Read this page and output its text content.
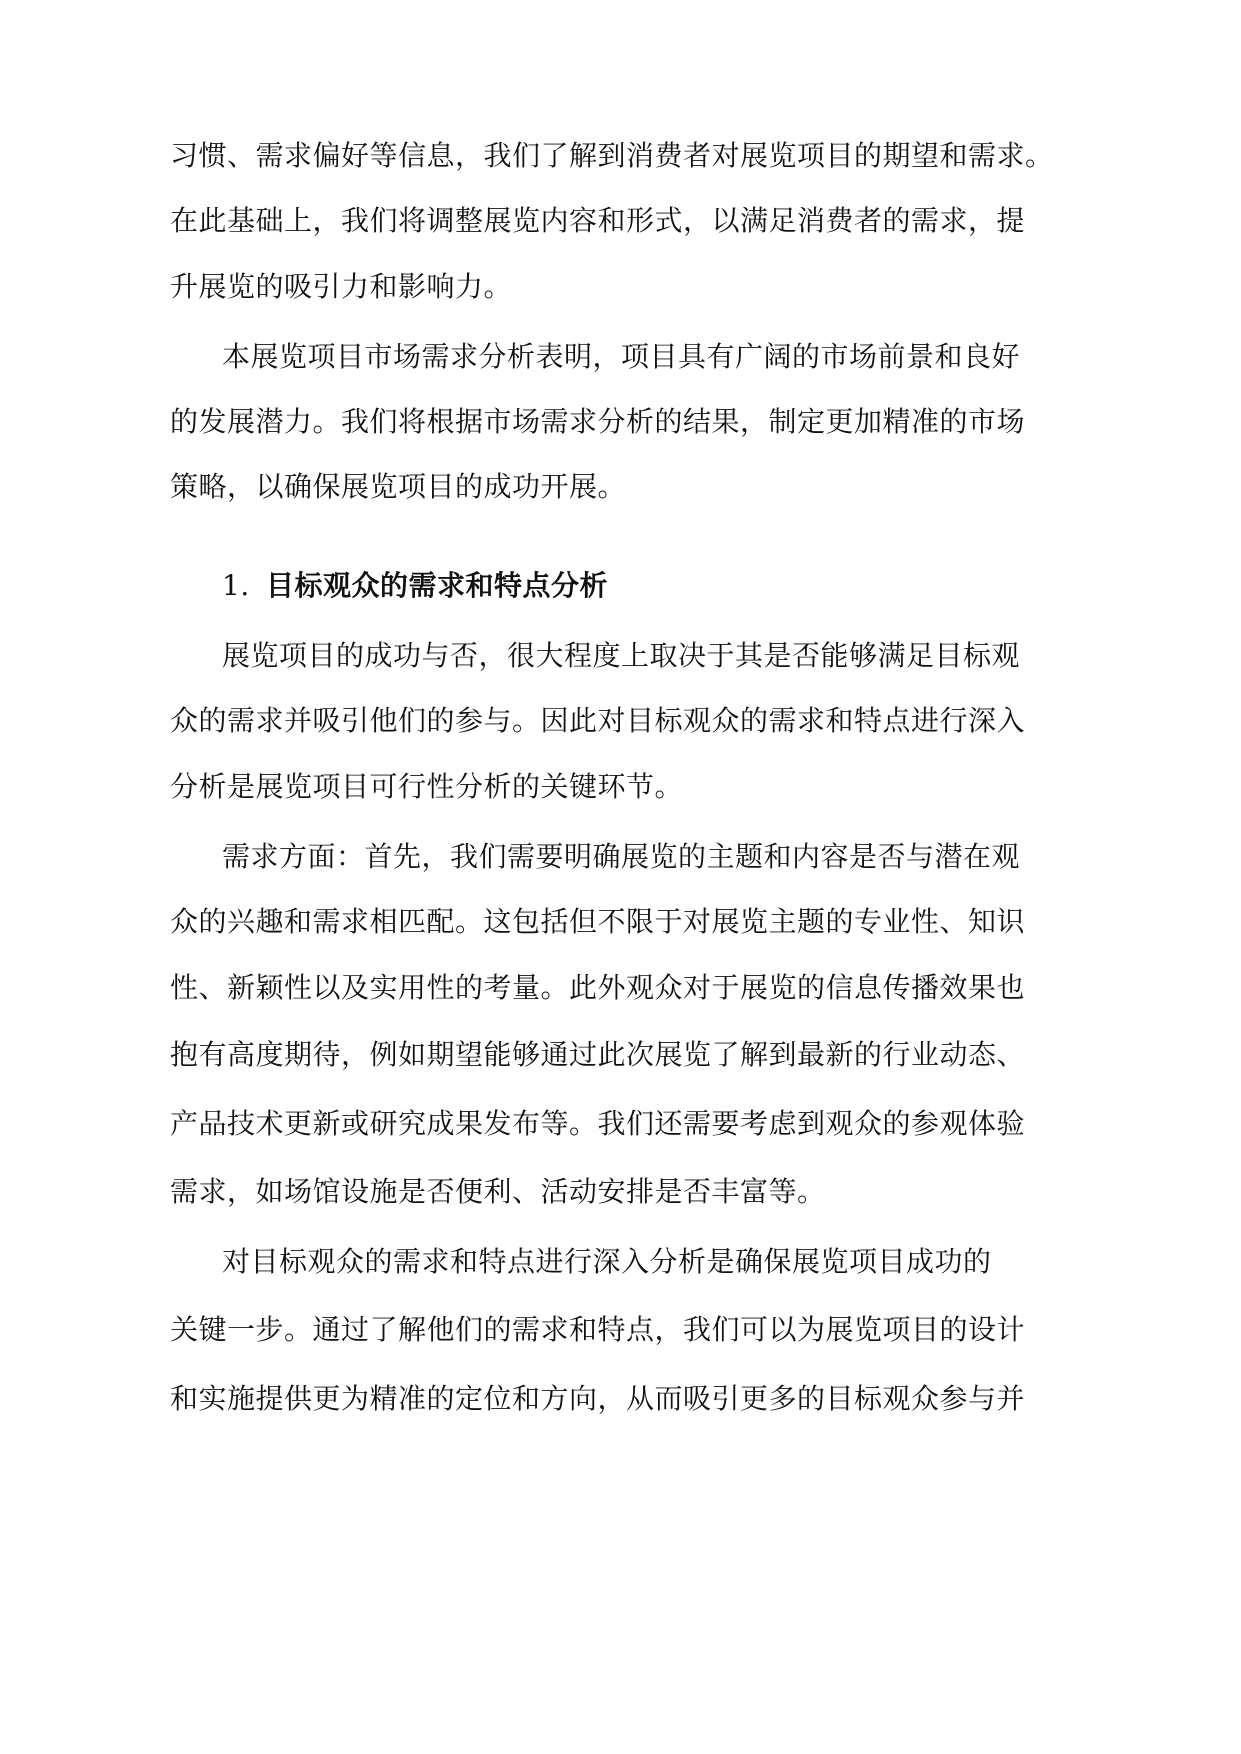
习惯、需求偏好等信息，我们了解到消费者对展览项目的期望和需求。
在此基础上，我们将调整展览内容和形式，以满足消费者的需求，提
升展览的吸引力和影响力。
本展览项目市场需求分析表明，项目具有广阔的市场前景和良好
的发展潜力。我们将根据市场需求分析的结果，制定更加精准的市场
策略，以确保展览项目的成功开展。
1. 目标观众的需求和特点分析
展览项目的成功与否，很大程度上取决于其是否能够满足目标观
众的需求并吸引他们的参与。因此对目标观众的需求和特点进行深入
分析是展览项目可行性分析的关键环节。
需求方面：首先，我们需要明确展览的主题和内容是否与潜在观
众的兴趣和需求相匹配。这包括但不限于对展览主题的专业性、知识
性、新颖性以及实用性的考量。此外观众对于展览的信息传播效果也
抱有高度期待，例如期望能够通过此次展览了解到最新的行业动态、
产品技术更新或研究成果发布等。我们还需要考虑到观众的参观体验
需求，如场馆设施是否便利、活动安排是否丰富等。
对目标观众的需求和特点进行深入分析是确保展览项目成功的
关键一步。通过了解他们的需求和特点，我们可以为展览项目的设计
和实施提供更为精准的定位和方向，从而吸引更多的目标观众参与并
